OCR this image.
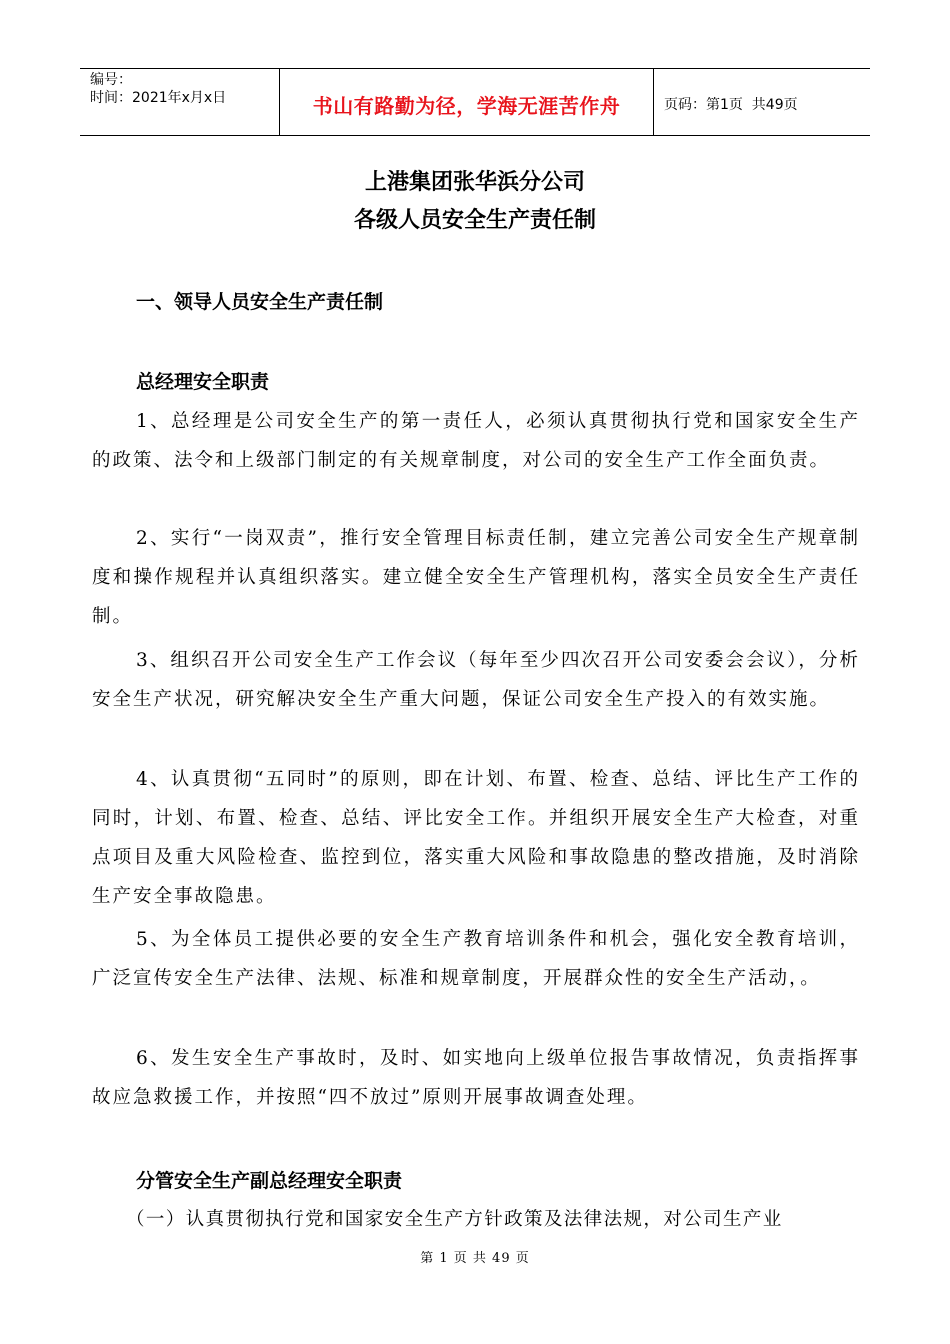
编号：
时间：2021年x月x日	书山有路勤为径，学海无涯苦作舟	页码：第1页  共49页
上港集团张华浜分公司
各级人员安全生产责任制
一、领导人员安全生产责任制
总经理安全职责
1、总经理是公司安全生产的第一责任人，必须认真贯彻执行党和国家安全生产的政策、法令和上级部门制定的有关规章制度，对公司的安全生产工作全面负责。
2、实行“一岗双责”，推行安全管理目标责任制，建立完善公司安全生产规章制度和操作规程并认真组织落实。建立健全安全生产管理机构，落实全员安全生产责任制。
3、组织召开公司安全生产工作会议（每年至少四次召开公司安委会会议），分析安全生产状况，研究解决安全生产重大问题，保证公司安全生产投入的有效实施。
4、认真贯彻“五同时”的原则，即在计划、布置、检查、总结、评比生产工作的同时，计划、布置、检查、总结、评比安全工作。并组织开展安全生产大检查，对重点项目及重大风险检查、监控到位，落实重大风险和事故隐患的整改措施，及时消除生产安全事故隐患。
5、为全体员工提供必要的安全生产教育培训条件和机会，强化安全教育培训，广泛宣传安全生产法律、法规、标准和规章制度，开展群众性的安全生产活动，。
6、发生安全生产事故时，及时、如实地向上级单位报告事故情况，负责指挥事故应急救援工作，并按照“四不放过”原则开展事故调查处理。
分管安全生产副总经理安全职责
（一）认真贯彻执行党和国家安全生产方针政策及法律法规，对公司生产业
第 1 页 共 49 页
